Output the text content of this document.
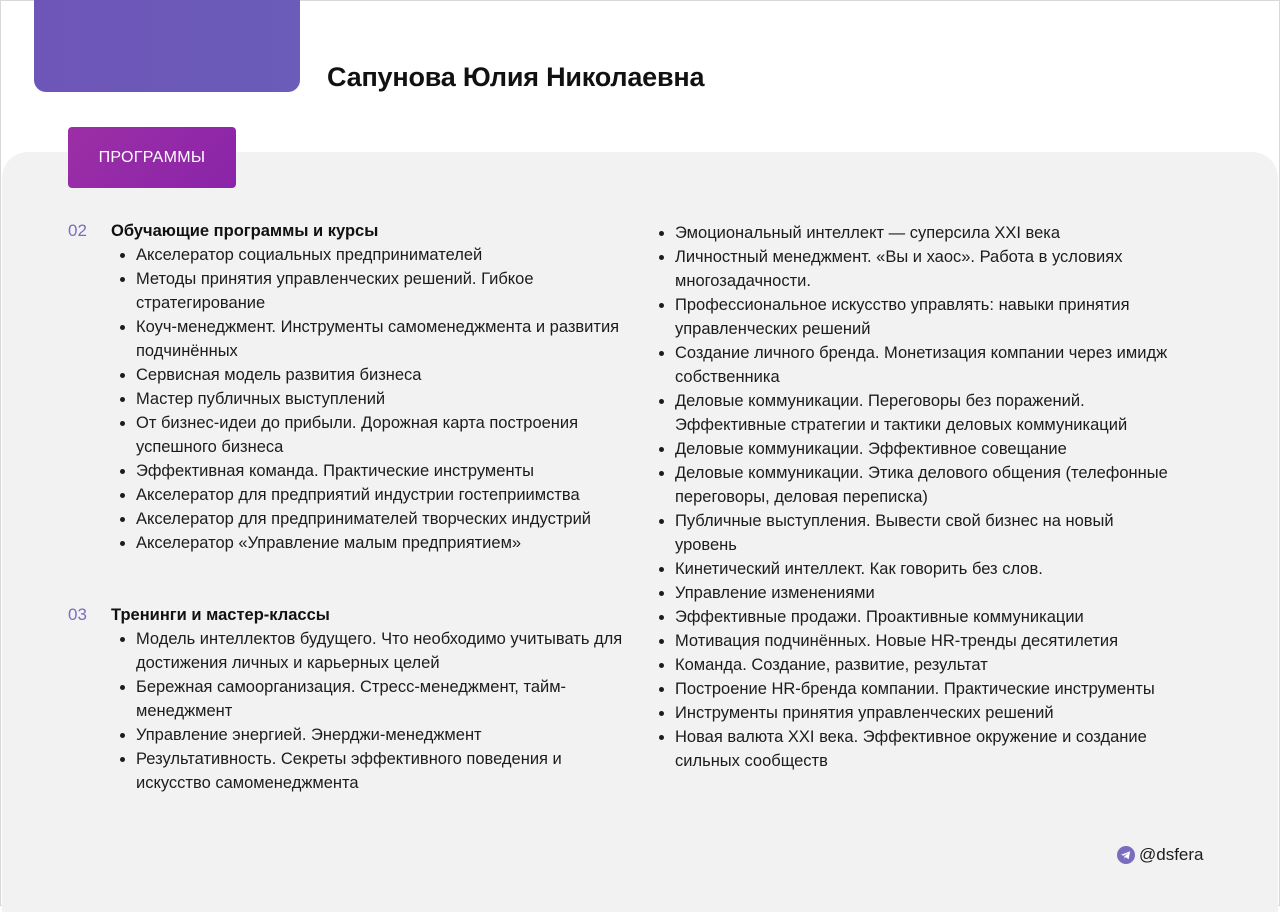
Сапунова Юлия Николаевна
ПРОГРАММЫ
02	Обучающие программы и курсы
Акселератор социальных предпринимателей
Методы принятия управленческих решений. Гибкое стратегирование
Коуч-менеджмент. Инструменты самоменеджмента и развития подчинённых
Сервисная модель развития бизнеса
Мастер публичных выступлений
От бизнес-идеи до прибыли. Дорожная карта построения успешного бизнеса
Эффективная команда. Практические инструменты
Акселератор для предприятий индустрии гостеприимства
Акселератор для предпринимателей творческих индустрий
Акселератор «Управление малым предприятием»
03	Тренинги и мастер-классы
Модель интеллектов будущего. Что необходимо учитывать для достижения личных и карьерных целей
Бережная самоорганизация. Стресс-менеджмент, тайм-менеджмент
Управление энергией. Энерджи-менеджмент
Результативность. Секреты эффективного поведения и искусство самоменеджмента
Эмоциональный интеллект — суперсила XXI века
Личностный менеджмент. «Вы и хаос». Работа в условиях многозадачности.
Профессиональное искусство управлять: навыки принятия управленческих решений
Создание личного бренда. Монетизация компании через имидж собственника
Деловые коммуникации. Переговоры без поражений. Эффективные стратегии и тактики деловых коммуникаций
Деловые коммуникации. Эффективное совещание
Деловые коммуникации. Этика делового общения (телефонные переговоры, деловая переписка)
Публичные выступления. Вывести свой бизнес на новый уровень
Кинетический интеллект. Как говорить без слов.
Управление изменениями
Эффективные продажи. Проактивные коммуникации
Мотивация подчинённых. Новые HR-тренды десятилетия
Команда. Создание, развитие, результат
Построение HR-бренда компании. Практические инструменты
Инструменты принятия управленческих решений
Новая валюта XXI века. Эффективное окружение и создание сильных сообществ
@dsfera
